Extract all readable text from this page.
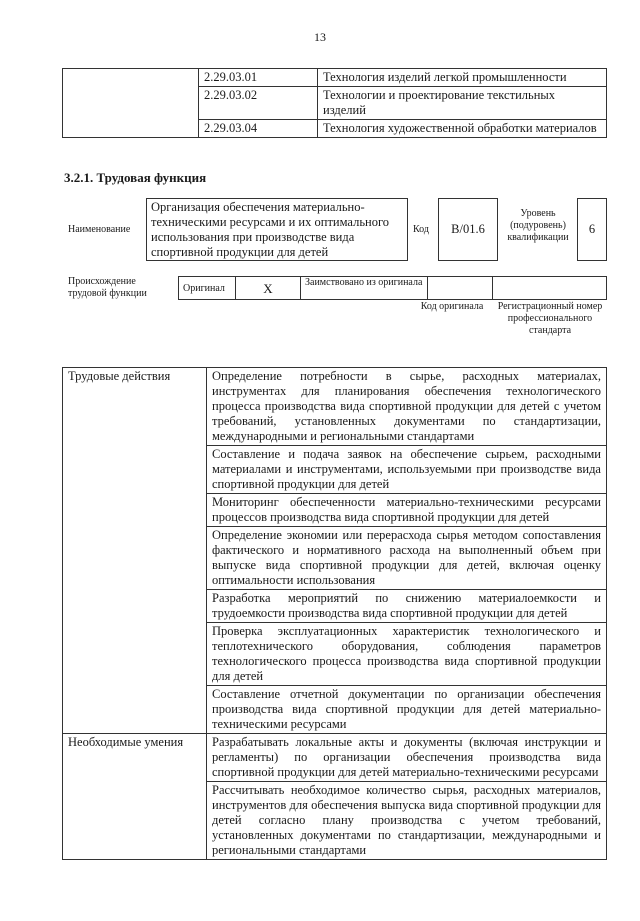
13
	2.29.03.01	Технология изделий легкой промышленности
	2.29.03.02	Технологии и проектирование текстильных изделий
	2.29.03.04	Технология художественной обработки материалов
3.2.1. Трудовая функция
Наименование
Организация обеспечения материально-техническими ресурсами и их оптимального использования при производстве вида спортивной продукции для детей
Код	B/01.6
Уровень (подуровень) квалификации
6
Происхождение трудовой функции	Оригинал	X	Заимствовано из оригинала		
Код оригинала Регистрационный номер профессионального стандарта
Трудовые действия	Определение потребности в сырье, расходных материалах, инструментах для планирования обеспечения технологического процесса производства вида спортивной продукции для детей с учетом требований, установленных документами по стандартизации, международными и региональными стандартами
	Составление и подача заявок на обеспечение сырьем, расходными материалами и инструментами, используемыми при производстве вида спортивной продукции для детей
	Мониторинг обеспеченности материально-техническими ресурсами процессов производства вида спортивной продукции для детей
	Определение экономии или перерасхода сырья методом сопоставления фактического и нормативного расхода на выполненный объем при выпуске вида спортивной продукции для детей, включая оценку оптимальности использования
	Разработка мероприятий по снижению материалоемкости и трудоемкости производства вида спортивной продукции для детей
	Проверка эксплуатационных характеристик технологического и теплотехнического оборудования, соблюдения параметров технологического процесса производства вида спортивной продукции для детей
	Составление отчетной документации по организации обеспечения производства вида спортивной продукции для детей материально-техническими ресурсами
Необходимые умения	Разрабатывать локальные акты и документы (включая инструкции и регламенты) по организации обеспечения производства вида спортивной продукции для детей материально-техническими ресурсами
	Рассчитывать необходимое количество сырья, расходных материалов, инструментов для обеспечения выпуска вида спортивной продукции для детей согласно плану производства с учетом требований, установленных документами по стандартизации, международными и региональными стандартами
